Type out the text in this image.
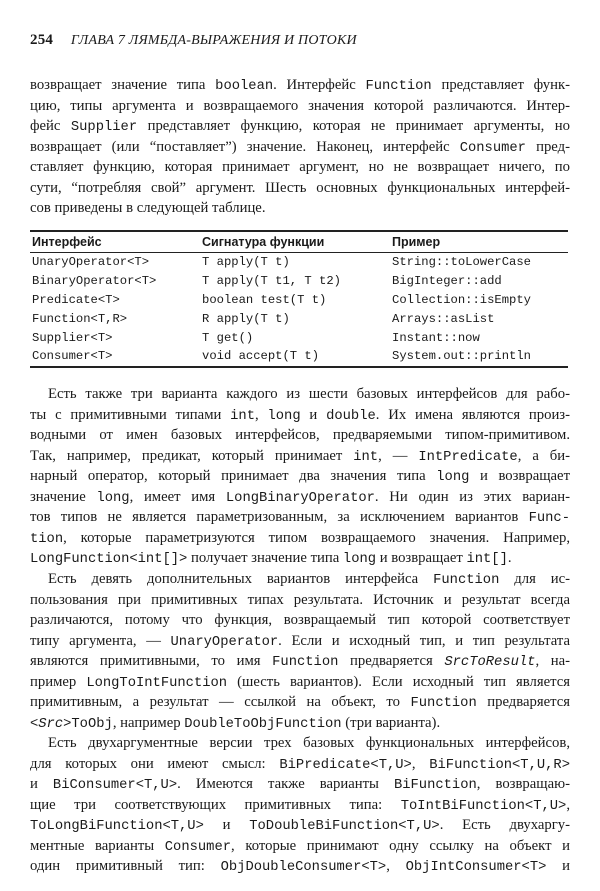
254 ГЛАВА 7 ЛЯМБДА-ВЫРАЖЕНИЯ И ПОТОКИ
возвращает значение типа boolean. Интерфейс Function представляет функ-
цию, типы аргумента и возвращаемого значения которой различаются. Интер-
фейс Supplier представляет функцию, которая не принимает аргументы, но
возвращает (или “поставляет”) значение. Наконец, интерфейс Consumer пред-
ставляет функцию, которая принимает аргумент, но не возвращает ничего, по
сути, “потребляя свой” аргумент. Шесть основных функциональных интерфей-
сов приведены в следующей таблице.
Интерфейс	Сигнатура функции	Пример
UnaryOperator<T>	T apply(T t)	String::toLowerCase
BinaryOperator<T>	T apply(T t1, T t2)	BigInteger::add
Predicate<T>	boolean test(T t)	Collection::isEmpty
Function<T,R>	R apply(T t)	Arrays::asList
Supplier<T>	T get()	Instant::now
Consumer<T>	void accept(T t)	System.out::println
Есть также три варианта каждого из шести базовых интерфейсов для рабо-
ты с примитивными типами int, long и double. Их имена являются произ-
водными от имен базовых интерфейсов, предваряемыми типом-примитивом.
Так, например, предикат, который принимает int, — IntPredicate, а би-
нарный оператор, который принимает два значения типа long и возвращает
значение long, имеет имя LongBinaryOperator. Ни один из этих вариан-
тов типов не является параметризованным, за исключением вариантов Func-
tion, которые параметризуются типом возвращаемого значения. Например,
LongFunction<int[]> получает значение типа long и возвращает int[].
Есть девять дополнительных вариантов интерфейса Function для ис-
пользования при примитивных типах результата. Источник и результат всегда
различаются, потому что функция, возвращаемый тип которой соответствует
типу аргумента, — UnaryOperator. Если и исходный тип, и тип результата
являются примитивными, то имя Function предваряется SrcToResult, на-
пример LongToIntFunction (шесть вариантов). Если исходный тип является
примитивным, а результат — ссылкой на объект, то Function предваряется
<Src>ToObj, например DoubleToObjFunction (три варианта).
Есть двухаргументные версии трех базовых функциональных интерфейсов,
для которых они имеют смысл: BiPredicate<T,U>, BiFunction<T,U,R>
и BiConsumer<T,U>. Имеются также варианты BiFunction, возвращаю-
щие три соответствующих примитивных типа: ToIntBiFunction<T,U>,
ToLongBiFunction<T,U> и ToDoubleBiFunction<T,U>. Есть двухаргу-
ментные варианты Consumer, которые принимают одну ссылку на объект и
один примитивный тип: ObjDoubleConsumer<T>, ObjIntConsumer<T> и
